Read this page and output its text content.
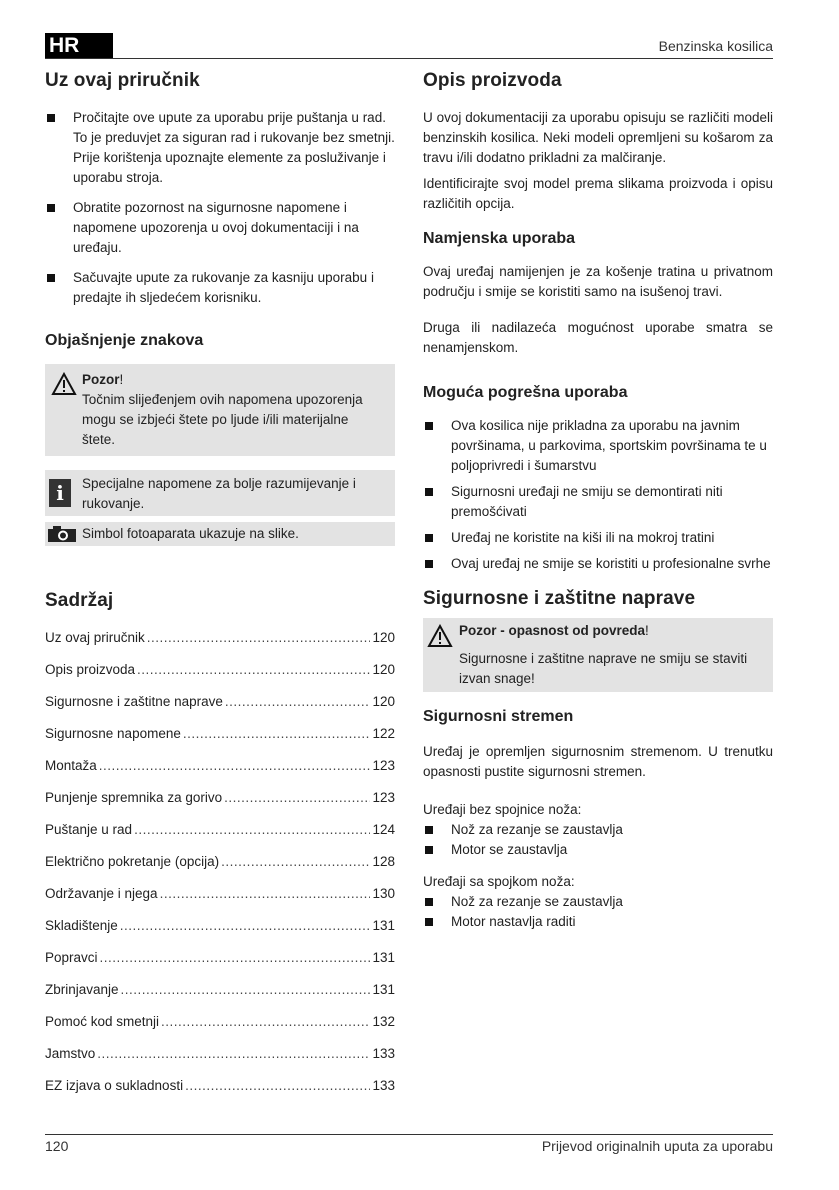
HR	Benzinska kosilica
Uz ovaj priručnik
Pročitajte ove upute za uporabu prije puštanja u rad. To je preduvjet za siguran rad i rukovanje bez smetnji. Prije korištenja upoznajte elemente za posluživanje i uporabu stroja.
Obratite pozornost na sigurnosne napomene i napomene upozorenja u ovoj dokumentaciji i na uređaju.
Sačuvajte upute za rukovanje za kasniju uporabu i predajte ih sljedećem korisniku.
Objašnjenje znakova
Pozor!

Točnim slijeđenjem ovih napomena upozorenja mogu se izbjeći štete po ljude i/ili materijalne štete.

i	Specijalne napomene za bolje razumijevanje i rukovanje.

Simbol fotoaparata ukazuje na slike.

Sadržaj
Uz ovaj priručnik .....	120
Opis proizvoda .....	120
Sigurnosne i zaštitne naprave .....	120
Sigurnosne napomene .....	122
Montaža .....	123
Punjenje spremnika za gorivo .....	123
Puštanje u rad .....	124
Električno pokretanje (opcija) .....	128
Održavanje i njega .....	130
Skladištenje .....	131
Popravci .....	131
Zbrinjavanje .....	131
Pomoć kod smetnji .....	132
Jamstvo .....	133
EZ izjava o sukladnosti .....	133
Opis proizvoda

U ovoj dokumentaciji za uporabu opisuju se različiti modeli benzinskih kosilica. Neki modeli opremljeni su košarom za travu i/ili dodatno prikladni za malčiranje.

Identificirajte svoj model prema slikama proizvoda i opisu različitih opcija.

Namjenska uporaba

Ovaj uređaj namijenjen je za košenje tratina u privatnom području i smije se koristiti samo na isušenoj travi.

Druga ili nadilazeća mogućnost uporabe smatra se nenamjenskom.

Moguća pogrešna uporaba
Ova kosilica nije prikladna za uporabu na javnim površinama, u parkovima, sportskim površinama te u poljoprivredi i šumarstvu
Sigurnosni uređaji ne smiju se demontirati niti premošćivati
Uređaj ne koristite na kiši ili na mokroj tratini
Ovaj uređaj ne smije se koristiti u profesionalne svrhe
Sigurnosne i zaštitne naprave
Pozor - opasnost od povreda!

Sigurnosne i zaštitne naprave ne smiju se staviti izvan snage!

Sigurnosni stremen

Uređaj je opremljen sigurnosnim stremenom. U trenutku opasnosti pustite sigurnosni stremen.

Uređaji bez spojnice noža:

Nož za rezanje se zaustavlja
Motor se zaustavlja

Uređaji sa spojkom noža:

Nož za rezanje se zaustavlja
Motor nastavlja raditi
120	Prijevod originalnih uputa za uporabu
